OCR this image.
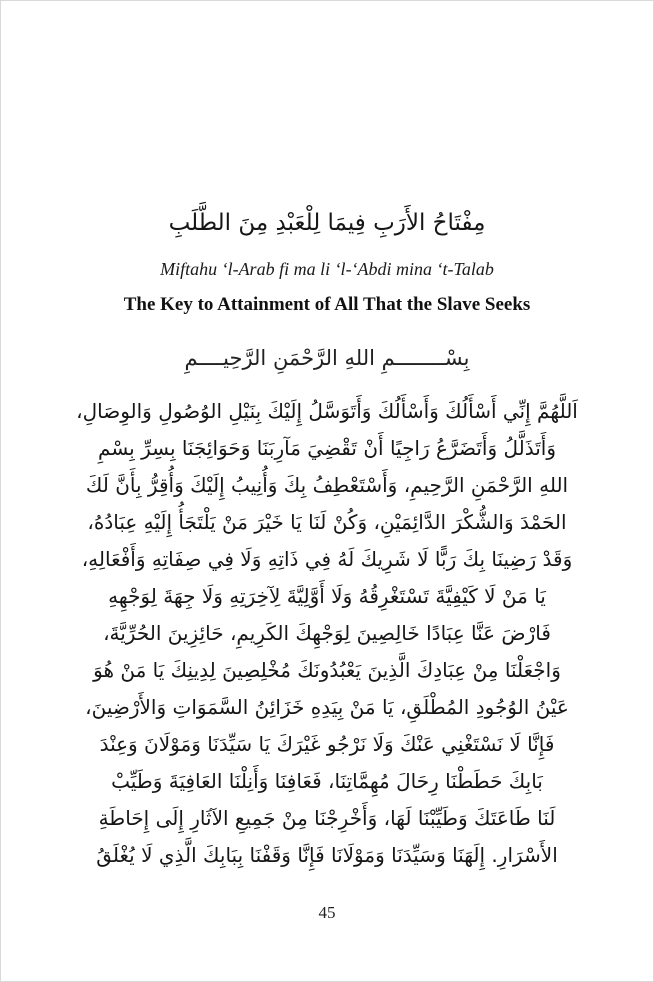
مِفْتَاحُ الأَرَبِ فِيمَا لِلْعَبْدِ مِنَ الطَّلَبِ
Miftahu ‘l-Arab fi ma li ‘l-‘Abdi mina ‘t-Talab
The Key to Attainment of All That the Slave Seeks
بِسْــــــــمِ اللهِ الرَّحْمَنِ الرَّحِيــــمِ
اَللَّهُمَّ إِنِّي أَسْأَلُكَ وَأَسْأَلُكَ وَأَتَوَسَّلُ إِلَيْكَ بِنَيْلِ الوُصُولِ وَالوِصَالِ،
وَأَتَذَلَّلُ وَأَتَضَرَّعُ رَاجِيًا أَنْ تَقْضِيَ مَآرِبَنَا وَحَوَائِجَنَا بِسِرِّ بِسْمِ
اللهِ الرَّحْمَنِ الرَّحِيمِ، وَأَسْتَعْطِفُ بِكَ وَأُنِيبُ إِلَيْكَ وَأُقِرُّ بِأَنَّ لَكَ
الحَمْدَ وَالشُّكْرَ الدَّائِمَيْنِ، وَكُنْ لَنَا يَا خَيْرَ مَنْ يَلْتَجَأُ إِلَيْهِ عِبَادُهُ،
وَقَدْ رَضِينَا بِكَ رَبًّا لَا شَرِيكَ لَهُ فِي ذَاتِهِ وَلَا فِي صِفَاتِهِ وَأَفْعَالِهِ،
يَا مَنْ لَا كَيْفِيَّةَ تَسْتَغْرِقُهُ وَلَا أَوَّلِيَّةَ لِآخِرَتِهِ وَلَا جِهَةَ لِوَجْهِهِ
فَارْضَ عَنَّا عِبَادًا خَالِصِينَ لِوَجْهِكَ الكَرِيمِ، حَائِزِينَ الحُرِّيَّةَ،
وَاجْعَلْنَا مِنْ عِبَادِكَ الَّذِينَ يَعْبُدُونَكَ مُخْلِصِينَ لِدِينِكَ يَا مَنْ هُوَ
عَيْنُ الوُجُودِ المُطْلَقِ، يَا مَنْ بِيَدِهِ خَزَائِنُ السَّمَوَاتِ وَالأَرْضِينَ،
فَإِنَّا لَا نَسْتَغْنِي عَنْكَ وَلَا نَرْجُو غَيْرَكَ يَا سَيِّدَنَا وَمَوْلَانَ وَعِنْدَ
بَابِكَ حَطَطْنَا رِحَالَ مُهِمَّاتِنَا، فَعَافِنَا وَأَنِلْنَا العَافِيَةَ وَطَيِّبْ
لَنَا طَاعَتَكَ وَطَيِّبْنَا لَهَا، وَأَخْرِجْنَا مِنْ جَمِيعِ الآثَارِ إِلَى إِحَاطَةِ
الأَسْرَارِ. إِلَهَنَا وَسَيِّدَنَا وَمَوْلَانَا فَإِنَّا وَقَفْنَا بِبَابِكَ الَّذِي لَا يُغْلَقُ
45
